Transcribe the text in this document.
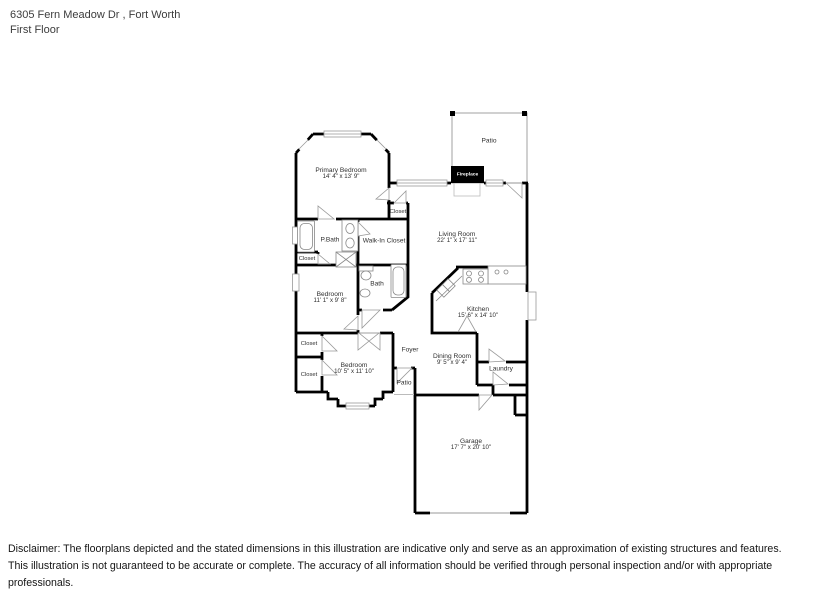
6305 Fern Meadow Dr , Fort Worth
First Floor
Patio
Primary Bedroom
14' 4" x 13' 9"	Fireplace
Closet
P.Bath	Walk-In Closet
Living Room
22' 1" x 17' 11"
Closet
Bedroom
11' 1" x 9' 8"
Bath
Kitchen
15' 6" x 14' 10"
Closet
Closet
Bedroom
10' 5" x 11' 10"
Foyer
Patio
Dining Room
9' 5" x 9' 4"
Laundry
Garage
17' 7" x 20' 10"
Disclaimer: The floorplans depicted and the stated dimensions in this illustration are indicative only and serve as an approximation of existing structures and features.
This illustration is not guaranteed to be accurate or complete. The accuracy of all information should be verified through personal inspection and/or with appropriate professionals.
